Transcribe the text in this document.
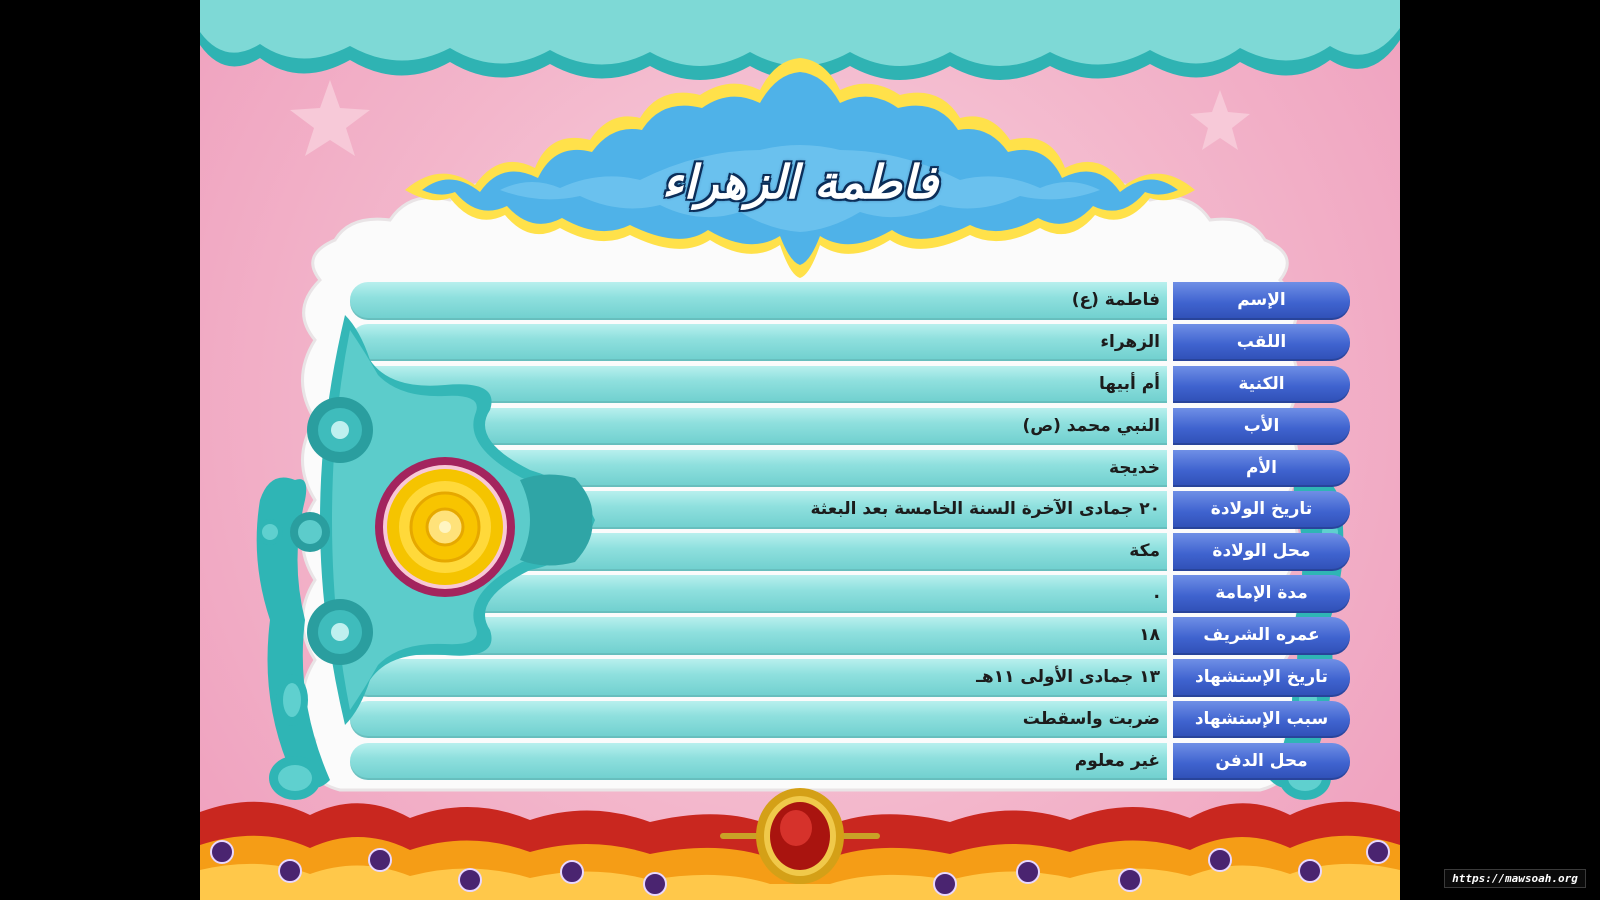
فاطمة الزهراء
فاطمة (ع)	الإسم
الزهراء	اللقب
أم أبيها	الكنية
النبي محمد (ص)	الأب
خديجة	الأم
٢٠ جمادى الآخرة السنة الخامسة بعد البعثة	تاريخ الولادة
مكة	محل الولادة
.	مدة الإمامة
١٨	عمره الشريف
١٣ جمادى الأولى ١١هـ	تاريخ الإستشهاد
ضربت واسقطت	سبب الإستشهاد
غير معلوم	محل الدفن
https://mawsoah.org
